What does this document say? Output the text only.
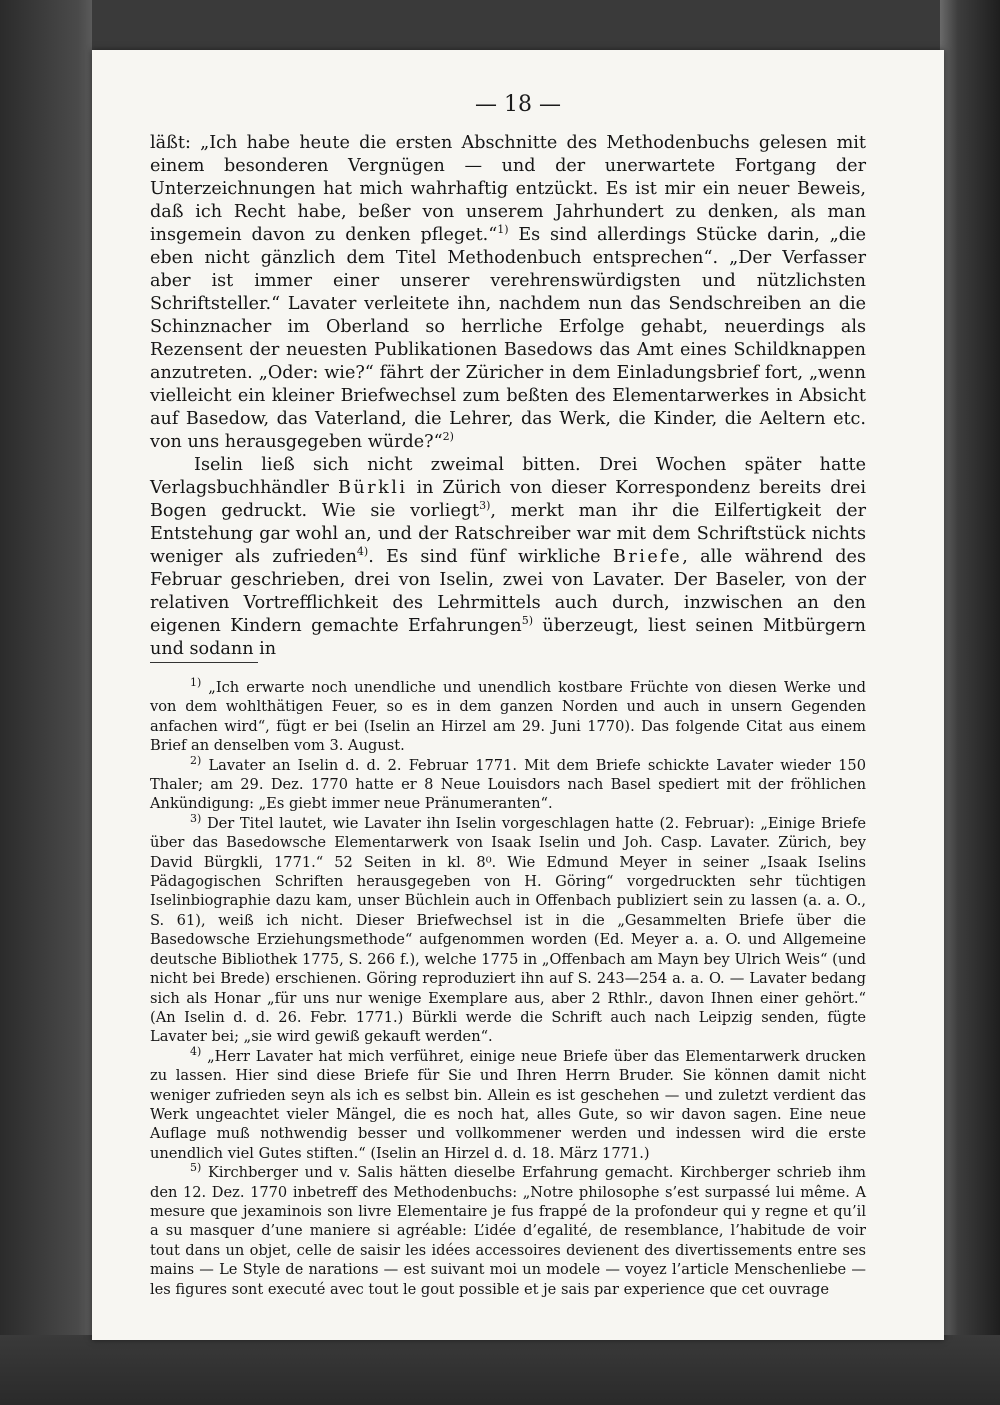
— 18 —

läßt: „Ich habe heute die ersten Abschnitte des Methodenbuchs gelesen mit einem besonderen Vergnügen — und der unerwartete Fortgang der Unterzeichnungen hat mich wahrhaftig entzückt. Es ist mir ein neuer Beweis, daß ich Recht habe, beßer von unserem Jahrhundert zu denken, als man insgemein davon zu denken pfleget.“$^{1)}$ Es sind allerdings Stücke darin, „die eben nicht gänzlich dem Titel Methodenbuch entsprechen“. „Der Verfasser aber ist immer einer unserer verehrenswürdigsten und nützlichsten Schriftsteller.“ Lavater verleitete ihn, nachdem nun das Sendschreiben an die Schinznacher im Oberland so herrliche Erfolge gehabt, neuerdings als Rezensent der neuesten Publikationen Basedows das Amt eines Schildknappen anzutreten. „Oder: wie?“ fährt der Züricher in dem Einladungsbrief fort, „wenn vielleicht ein kleiner Briefwechsel zum beßten des Elementarwerkes in Absicht auf Basedow, das Vaterland, die Lehrer, das Werk, die Kinder, die Aeltern etc. von uns herausgegeben würde?“$^{2)}$

Iselin ließ sich nicht zweimal bitten. Drei Wochen später hatte Verlagsbuchhändler Bürkli in Zürich von dieser Korrespondenz bereits drei Bogen gedruckt. Wie sie vorliegt$^{3)}$, merkt man ihr die Eilfertigkeit der Entstehung gar wohl an, und der Ratschreiber war mit dem Schriftstück nichts weniger als zufrieden$^{4)}$. Es sind fünf wirkliche Briefe, alle während des Februar geschrieben, drei von Iselin, zwei von Lavater. Der Baseler, von der relativen Vortrefflichkeit des Lehrmittels auch durch, inzwischen an den eigenen Kindern gemachte Erfahrungen$^{5)}$ überzeugt, liest seinen Mitbürgern und sodann in

$^{1)}$ „Ich erwarte noch unendliche und unendlich kostbare Früchte von diesen Werke und von dem wohlthätigen Feuer, so es in dem ganzen Norden und auch in unsern Gegenden anfachen wird“, fügt er bei (Iselin an Hirzel am 29. Juni 1770). Das folgende Citat aus einem Brief an denselben vom 3. August.

$^{2)}$ Lavater an Iselin d. d. 2. Februar 1771. Mit dem Briefe schickte Lavater wieder 150 Thaler; am 29. Dez. 1770 hatte er 8 Neue Louisdors nach Basel spediert mit der fröhlichen Ankündigung: „Es giebt immer neue Pränumeranten“.

$^{3)}$ Der Titel lautet, wie Lavater ihn Iselin vorgeschlagen hatte (2. Februar): „Einige Briefe über das Basedowsche Elementarwerk von Isaak Iselin und Joh. Casp. Lavater. Zürich, bey David Bürgkli, 1771.“ 52 Seiten in kl. 8⁰. Wie Edmund Meyer in seiner „Isaak Iselins Pädagogischen Schriften herausgegeben von H. Göring“ vorgedruckten sehr tüchtigen Iselinbiographie dazu kam, unser Büchlein auch in Offenbach publiziert sein zu lassen (a. a. O., S. 61), weiß ich nicht. Dieser Briefwechsel ist in die „Gesammelten Briefe über die Basedowsche Erziehungsmethode“ aufgenommen worden (Ed. Meyer a. a. O. und Allgemeine deutsche Bibliothek 1775, S. 266 f.), welche 1775 in „Offenbach am Mayn bey Ulrich Weis“ (und nicht bei Brede) erschienen. Göring reproduziert ihn auf S. 243—254 a. a. O. — Lavater bedang sich als Honar „für uns nur wenige Exemplare aus, aber 2 Rthlr., davon Ihnen einer gehört.“ (An Iselin d. d. 26. Febr. 1771.) Bürkli werde die Schrift auch nach Leipzig senden, fügte Lavater bei; „sie wird gewiß gekauft werden“.

$^{4)}$ „Herr Lavater hat mich verführet, einige neue Briefe über das Elementarwerk drucken zu lassen. Hier sind diese Briefe für Sie und Ihren Herrn Bruder. Sie können damit nicht weniger zufrieden seyn als ich es selbst bin. Allein es ist geschehen — und zuletzt verdient das Werk ungeachtet vieler Mängel, die es noch hat, alles Gute, so wir davon sagen. Eine neue Auflage muß nothwendig besser und vollkommener werden und indessen wird die erste unendlich viel Gutes stiften.“ (Iselin an Hirzel d. d. 18. März 1771.)

$^{5)}$ Kirchberger und v. Salis hätten dieselbe Erfahrung gemacht. Kirchberger schrieb ihm den 12. Dez. 1770 inbetreff des Methodenbuchs: „Notre philosophe s’est surpassé lui même. A mesure que jexaminois son livre Elementaire je fus frappé de la profondeur qui y regne et qu’il a su masquer d’une maniere si agréable: L’idée d’egalité, de resemblance, l’habitude de voir tout dans un objet, celle de saisir les idées accessoires devienent des divertissements entre ses mains — Le Style de narations — est suivant moi un modele — voyez l’article Menschenliebe — les figures sont executé avec tout le gout possible et je sais par experience que cet ouvrage
